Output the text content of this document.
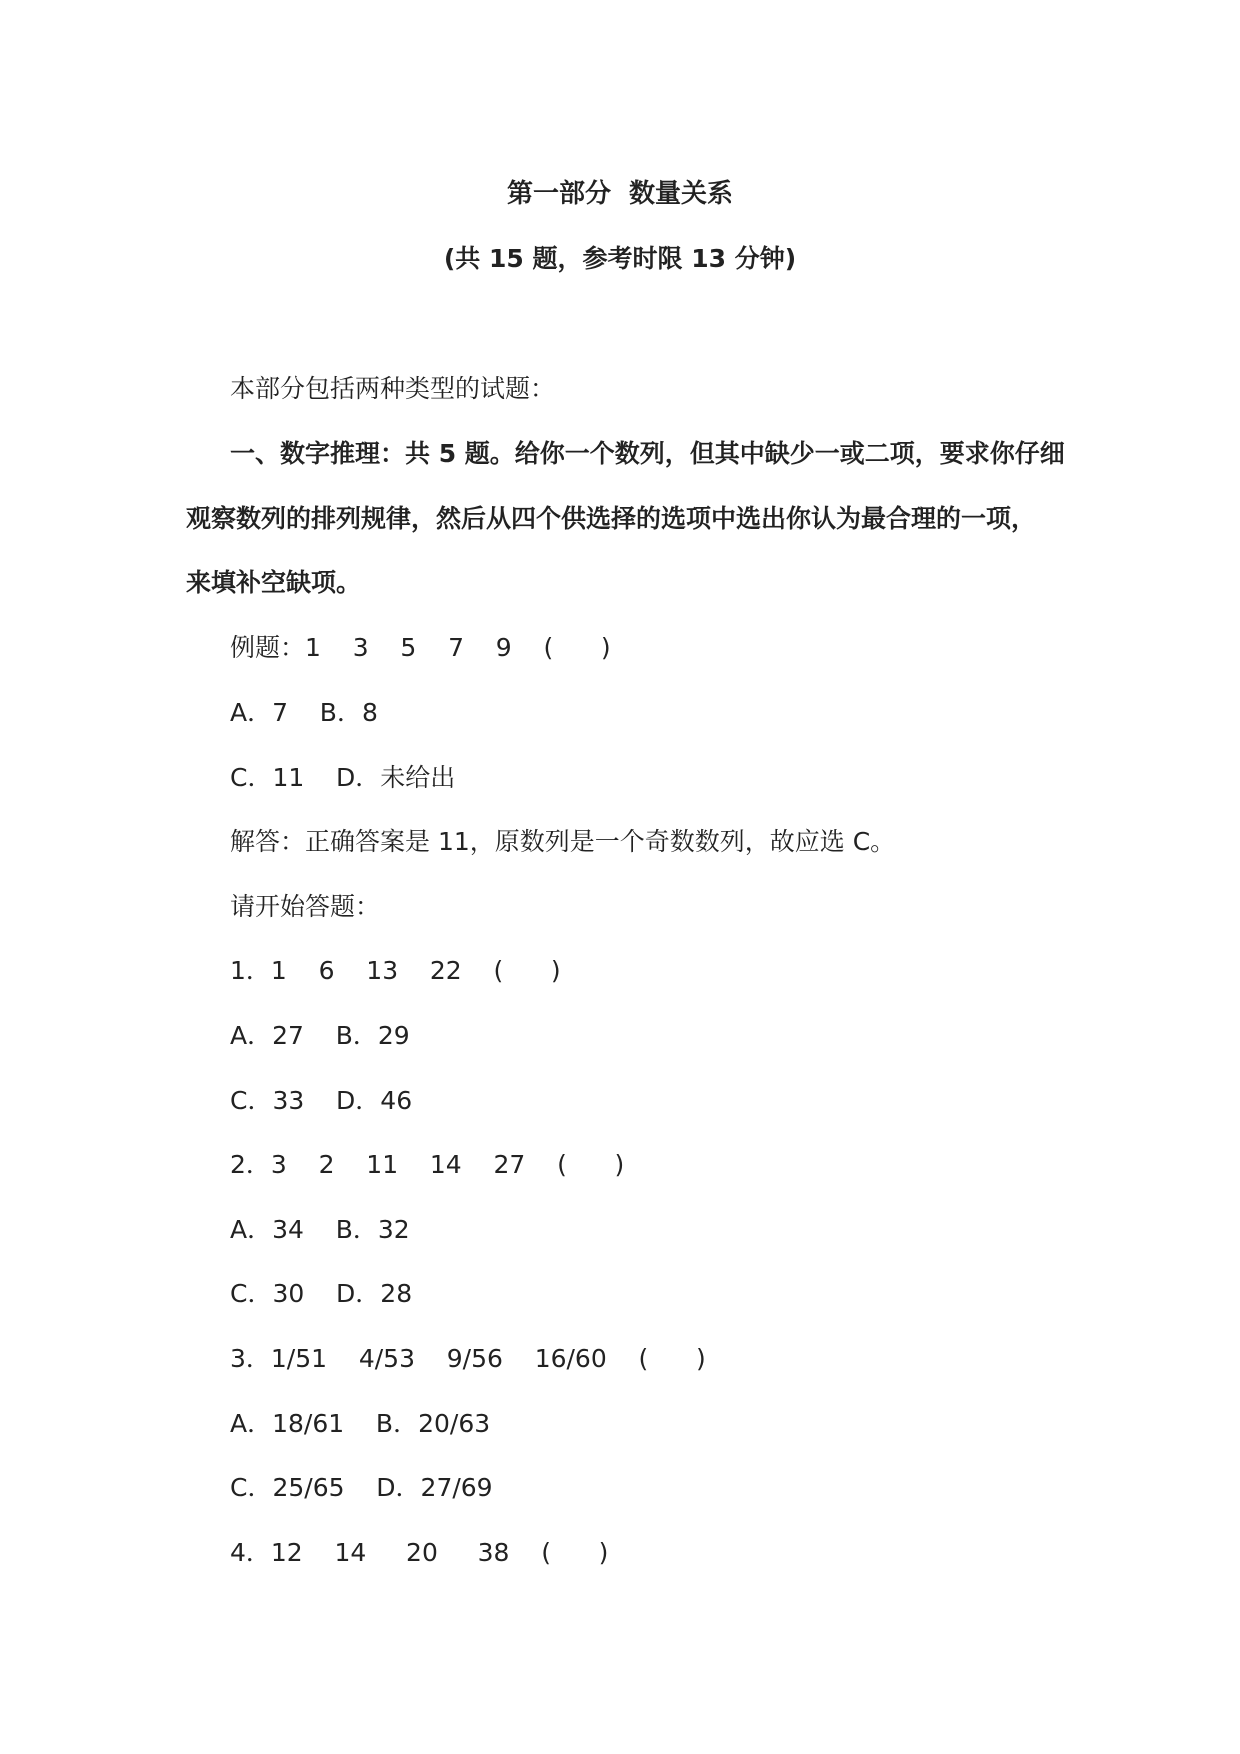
第一部分  数量关系
(共 15 题，参考时限 13 分钟)
本部分包括两种类型的试题：
一、数字推理：共 5 题。给你一个数列，但其中缺少一或二项，要求你仔细
观察数列的排列规律，然后从四个供选择的选项中选出你认为最合理的一项，
来填补空缺项。
例题：1    3    5    7    9    (      )
A．7    B．8
C．11    D．未给出
解答：正确答案是 11，原数列是一个奇数数列，故应选 C。
请开始答题：
1．1    6    13    22    (      )
A．27    B．29
C．33    D．46
2．3    2    11    14    27    (      )
A．34    B．32
C．30    D．28
3．1/51    4/53    9/56    16/60    (      )
A．18/61    B．20/63
C．25/65    D．27/69
4．12    14     20     38    (      )
